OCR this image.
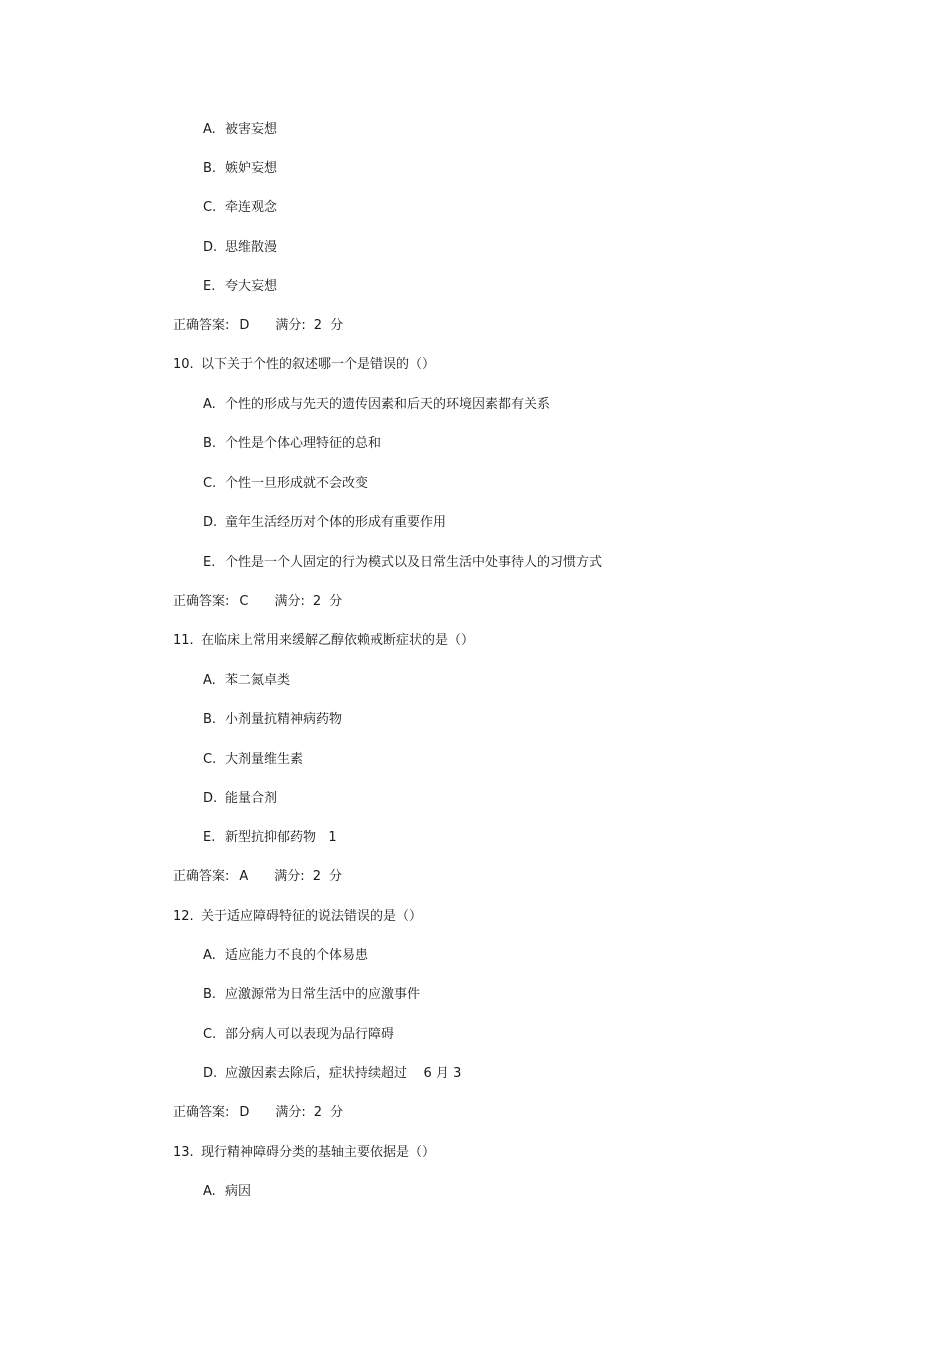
A. 被害妄想
B. 嫉妒妄想
C. 牵连观念
D. 思维散漫
E. 夸大妄想
正确答案: D 满分: 2 分
10. 以下关于个性的叙述哪一个是错误的（）
A. 个性的形成与先天的遗传因素和后天的环境因素都有关系
B. 个性是个体心理特征的总和
C. 个性一旦形成就不会改变
D. 童年生活经历对个体的形成有重要作用
E. 个性是一个人固定的行为模式以及日常生活中处事待人的习惯方式
正确答案: C 满分: 2 分
11. 在临床上常用来缓解乙醇依赖戒断症状的是（）
A. 苯二氮卓类
B. 小剂量抗精神病药物
C. 大剂量维生素
D. 能量合剂
E. 新型抗抑郁药物   1
正确答案: A 满分: 2 分
12. 关于适应障碍特征的说法错误的是（）
A. 适应能力不良的个体易患
B. 应激源常为日常生活中的应激事件
C. 部分病人可以表现为品行障碍
D. 应激因素去除后，症状持续超过    6 月 3
正确答案: D 满分: 2 分
13. 现行精神障碍分类的基轴主要依据是（）
A. 病因
